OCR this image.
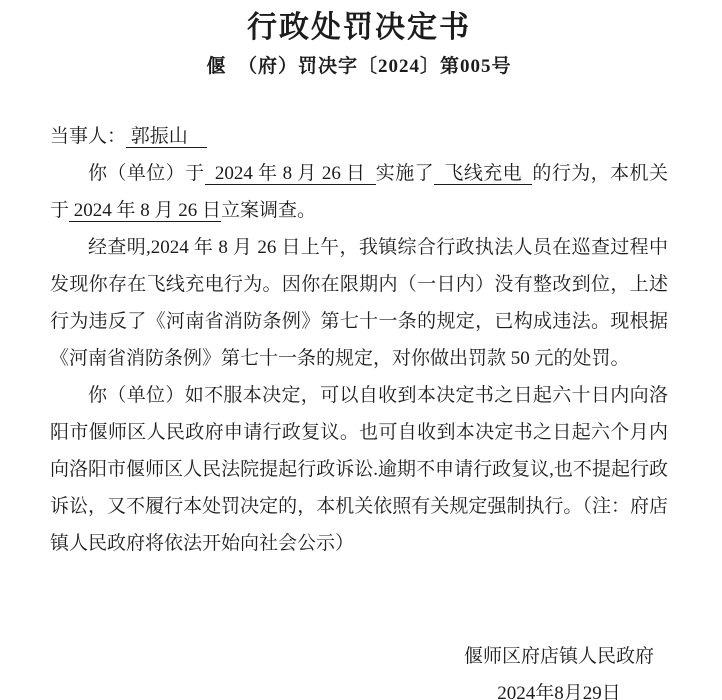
行政处罚决定书
偃  （府）罚决字〔2024〕第005号

当事人： 郭振山

你（单位）于  2024 年 8 月 26 日  实施了  飞线充电  的行为，本机关于 2024 年 8 月 26 日立案调查。

经查明,2024 年 8 月 26 日上午，我镇综合行政执法人员在巡查过程中发现你存在飞线充电行为。因你在限期内（一日内）没有整改到位，上述行为违反了《河南省消防条例》第七十一条的规定，已构成违法。现根据《河南省消防条例》第七十一条的规定，对你做出罚款 50 元的处罚。

你（单位）如不服本决定，可以自收到本决定书之日起六十日内向洛阳市偃师区人民政府申请行政复议。也可自收到本决定书之日起六个月内向洛阳市偃师区人民法院提起行政诉讼.逾期不申请行政复议,也不提起行政诉讼，又不履行本处罚决定的，本机关依照有关规定强制执行。（注：府店镇人民政府将依法开始向社会公示）

偃师区府店镇人民政府
2024年8月29日
